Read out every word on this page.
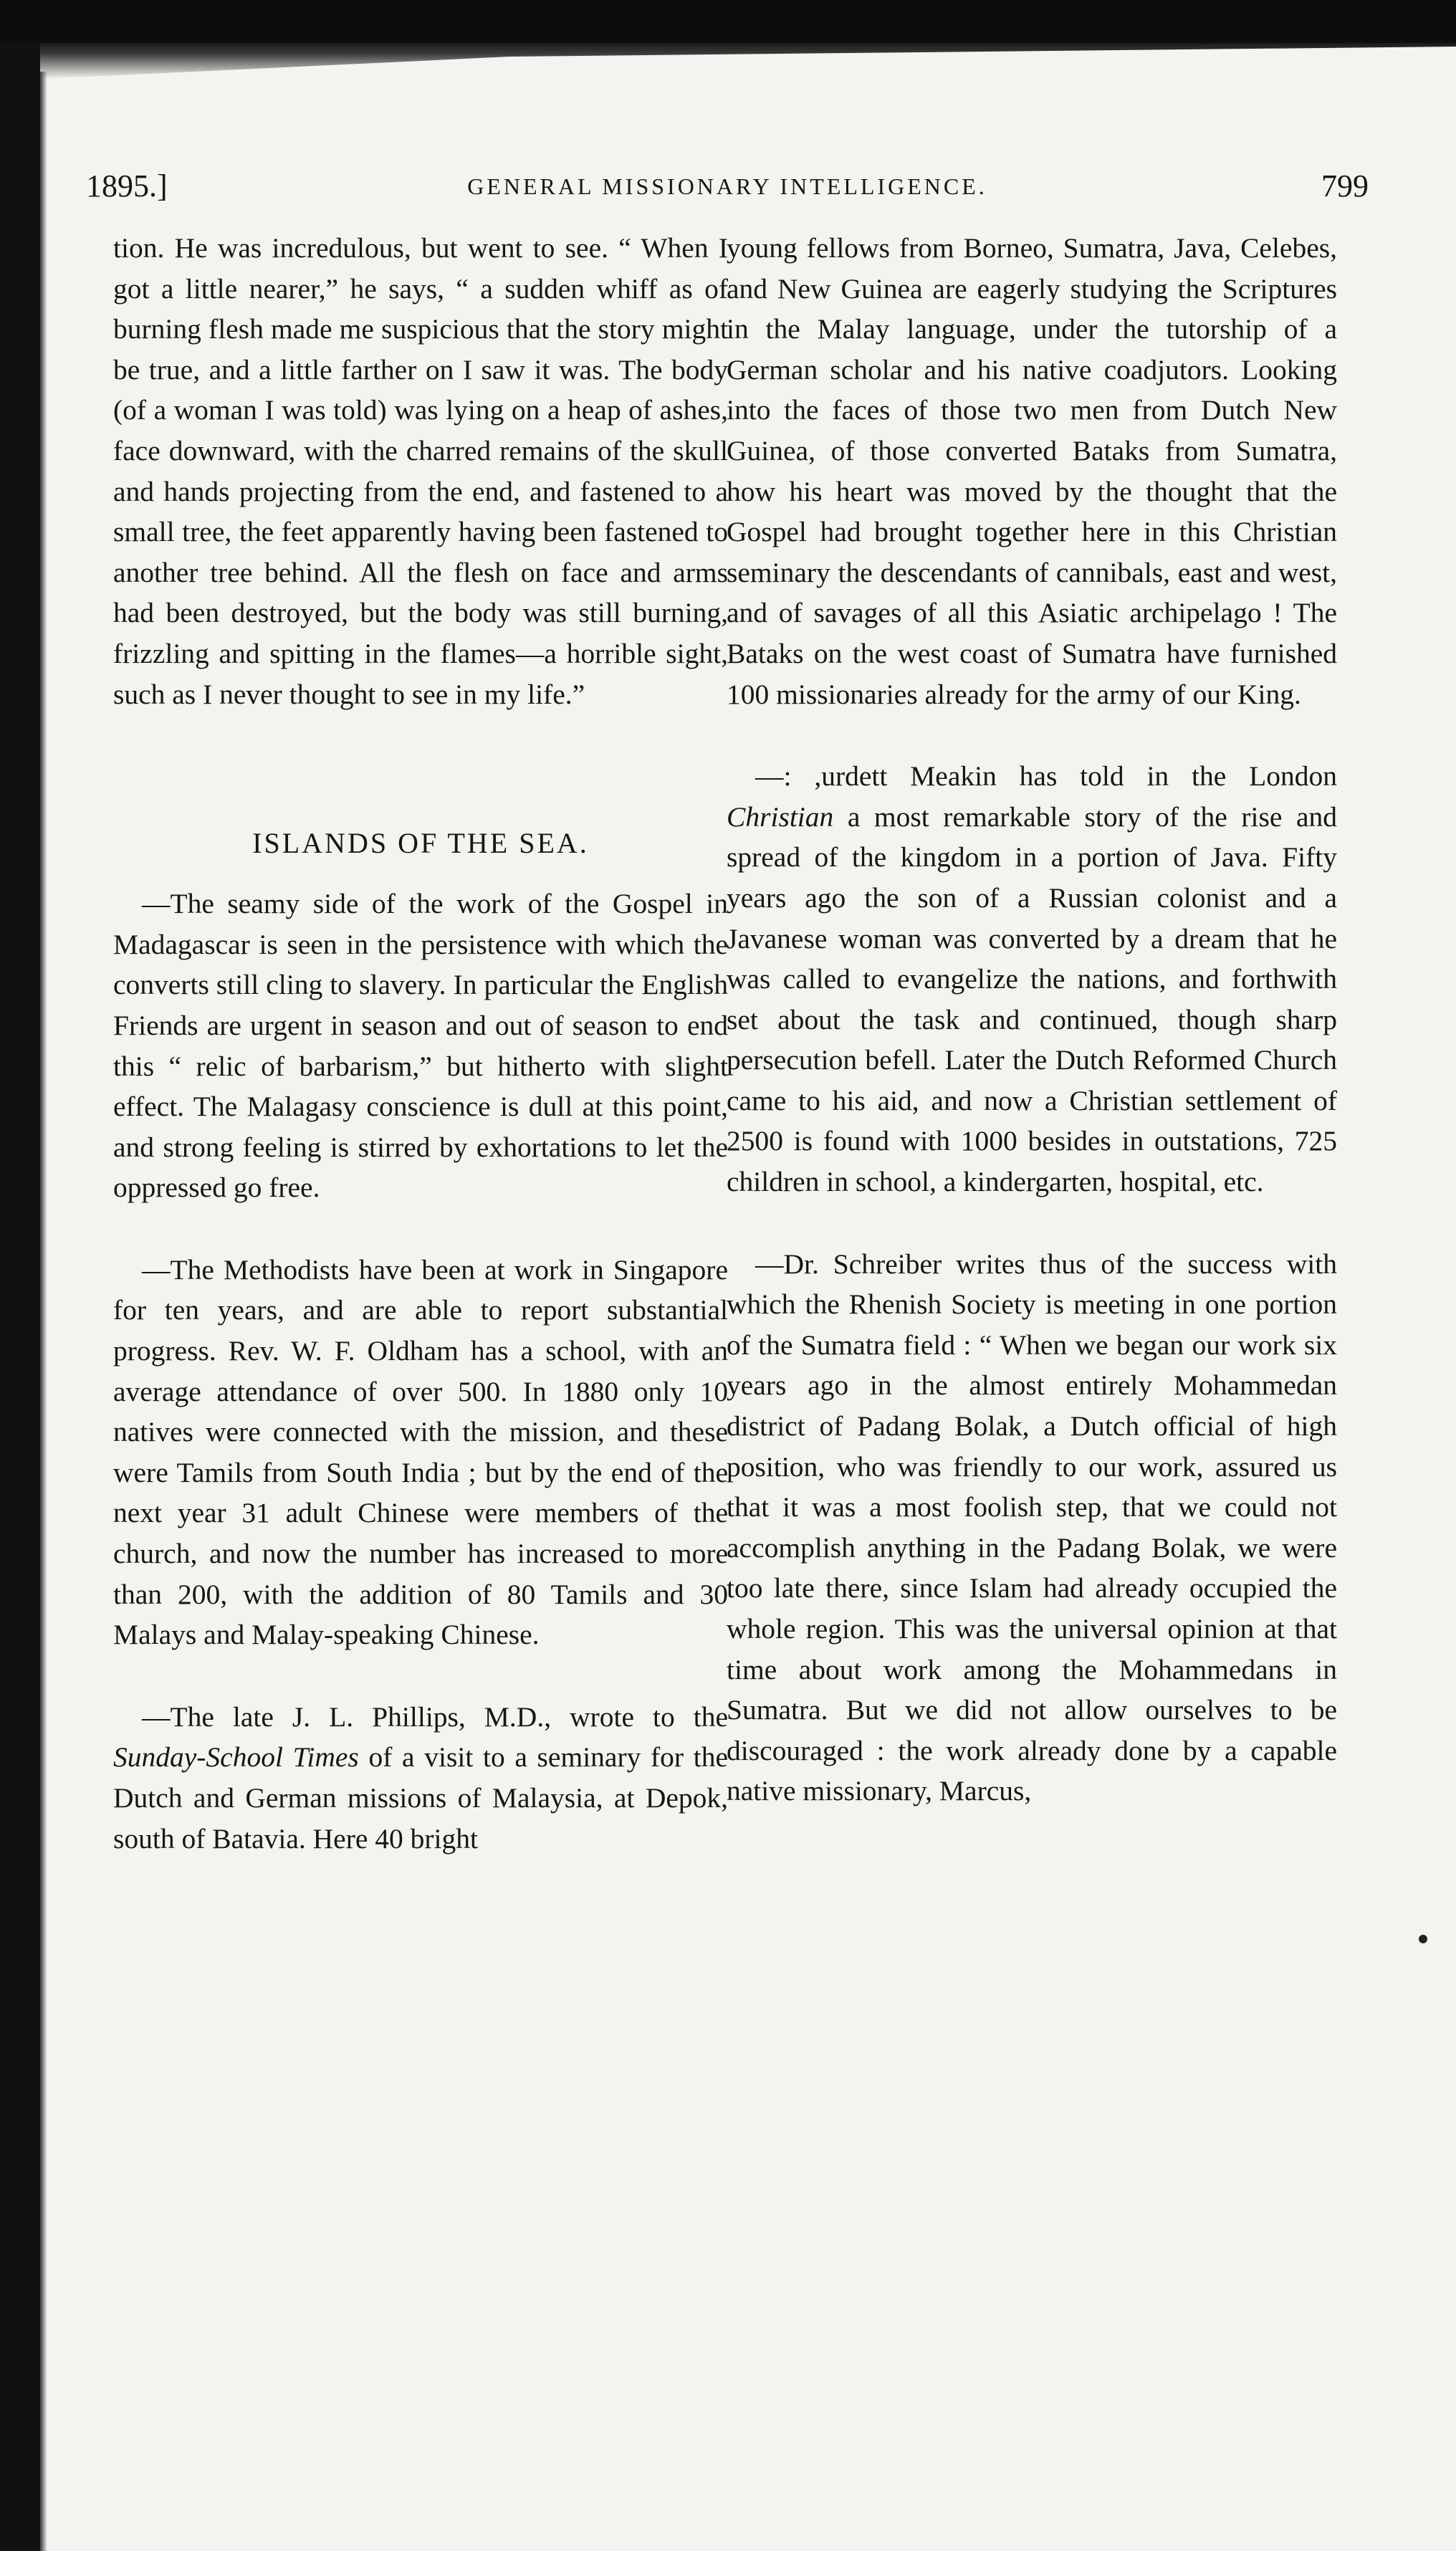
1895.]	GENERAL MISSIONARY INTELLIGENCE.	799

tion. He was incredulous, but went to see. “ When I got a little nearer,” he says, “ a sudden whiff as of burning flesh made me suspicious that the story might be true, and a little farther on I saw it was. The body (of a woman I was told) was lying on a heap of ashes, face downward, with the charred remains of the skull and hands projecting from the end, and fastened to a small tree, the feet apparently having been fastened to another tree behind. All the flesh on face and arms had been destroyed, but the body was still burning, frizzling and spitting in the flames—a horrible sight, such as I never thought to see in my life.”

ISLANDS OF THE SEA.

—The seamy side of the work of the Gospel in Madagascar is seen in the persistence with which the converts still cling to slavery. In particular the English Friends are urgent in season and out of season to end this “ relic of barbarism,” but hitherto with slight effect. The Malagasy conscience is dull at this point, and strong feeling is stirred by exhortations to let the oppressed go free.

—The Methodists have been at work in Singapore for ten years, and are able to report substantial progress. Rev. W. F. Oldham has a school, with an average attendance of over 500. In 1880 only 10 natives were connected with the mission, and these were Tamils from South India ; but by the end of the next year 31 adult Chinese were members of the church, and now the number has increased to more than 200, with the addition of 80 Tamils and 30 Malays and Malay-speaking Chinese.

—The late J. L. Phillips, M.D., wrote to the Sunday-School Times of a visit to a seminary for the Dutch and German missions of Malaysia, at Depok, south of Batavia. Here 40 bright

young fellows from Borneo, Sumatra, Java, Celebes, and New Guinea are eagerly studying the Scriptures in the Malay language, under the tutorship of a German scholar and his native coadjutors. Looking into the faces of those two men from Dutch New Guinea, of those converted Bataks from Sumatra, how his heart was moved by the thought that the Gospel had brought together here in this Christian seminary the descendants of cannibals, east and west, and of savages of all this Asiatic archipelago ! The Bataks on the west coast of Sumatra have furnished 100 missionaries already for the army of our King.

—: ,urdett Meakin has told in the London Christian a most remarkable story of the rise and spread of the kingdom in a portion of Java. Fifty years ago the son of a Russian colonist and a Javanese woman was converted by a dream that he was called to evangelize the nations, and forthwith set about the task and continued, though sharp persecution befell. Later the Dutch Reformed Church came to his aid, and now a Christian settlement of 2500 is found with 1000 besides in outstations, 725 children in school, a kindergarten, hospital, etc.

—Dr. Schreiber writes thus of the success with which the Rhenish Society is meeting in one portion of the Sumatra field : “ When we began our work six years ago in the almost entirely Mohammedan district of Padang Bolak, a Dutch official of high position, who was friendly to our work, assured us that it was a most foolish step, that we could not accomplish anything in the Padang Bolak, we were too late there, since Islam had already occupied the whole region. This was the universal opinion at that time about work among the Mohammedans in Sumatra. But we did not allow ourselves to be discouraged : the work already done by a capable native missionary, Marcus,
